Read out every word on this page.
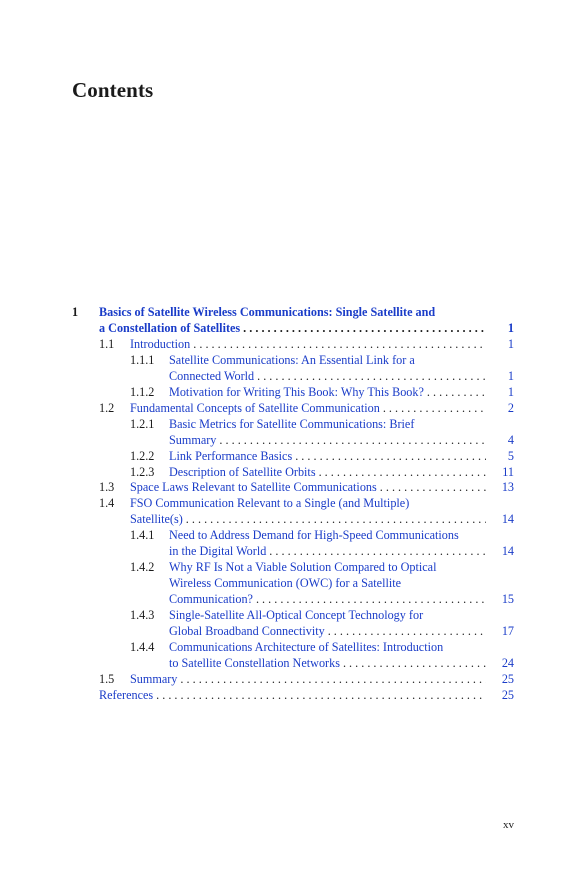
Contents
1 Basics of Satellite Wireless Communications: Single Satellite and
a Constellation of Satellites . . .	1
1.1 Introduction . . .	1
1.1.1 Satellite Communications: An Essential Link for a
Connected World . . .	1
1.1.2 Motivation for Writing This Book: Why This Book? . . .	1
1.2 Fundamental Concepts of Satellite Communication . . .	2
1.2.1 Basic Metrics for Satellite Communications: Brief
Summary . . .	4
1.2.2 Link Performance Basics . . .	5
1.2.3 Description of Satellite Orbits . . .	11
1.3 Space Laws Relevant to Satellite Communications . . .	13
1.4 FSO Communication Relevant to a Single (and Multiple)
Satellite(s) . . .	14
1.4.1 Need to Address Demand for High-Speed Communications
in the Digital World . . .	14
1.4.2 Why RF Is Not a Viable Solution Compared to Optical
Wireless Communication (OWC) for a Satellite
Communication? . . .	15
1.4.3 Single-Satellite All-Optical Concept Technology for
Global Broadband Connectivity . . .	17
1.4.4 Communications Architecture of Satellites: Introduction
to Satellite Constellation Networks . . .	24
1.5 Summary . . .	25
References . . .	25
xv
